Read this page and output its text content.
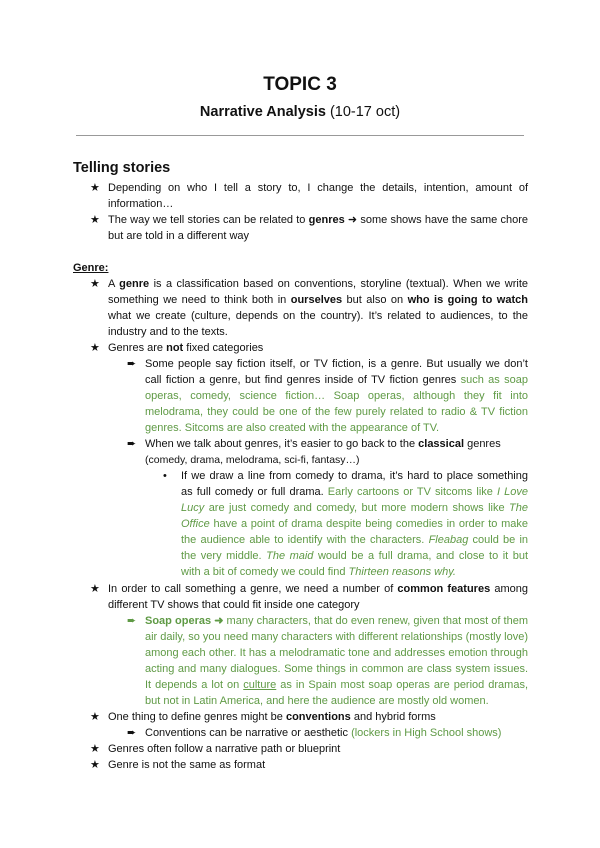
TOPIC 3
Narrative Analysis (10-17 oct)
Telling stories
★ Depending on who I tell a story to, I change the details, intention, amount of information…
★ The way we tell stories can be related to genres ➜ some shows have the same chore but are told in a different way
Genre:
★ A genre is a classification based on conventions, storyline (textual). When we write something we need to think both in ourselves but also on who is going to watch what we create (culture, depends on the country). It’s related to audiences, to the industry and to the texts.
★ Genres are not fixed categories
➨ Some people say fiction itself, or TV fiction, is a genre. But usually we don’t call fiction a genre, but find genres inside of TV fiction genres such as soap operas, comedy, science fiction… Soap operas, although they fit into melodrama, they could be one of the few purely related to radio & TV fiction genres. Sitcoms are also created with the appearance of TV.
➨ When we talk about genres, it’s easier to go back to the classical genres
(comedy, drama, melodrama, sci-fi, fantasy…)
• If we draw a line from comedy to drama, it’s hard to place something as full comedy or full drama. Early cartoons or TV sitcoms like I Love Lucy are just comedy and comedy, but more modern shows like The Office have a point of drama despite being comedies in order to make the audience able to identify with the characters. Fleabag could be in the very middle. The maid would be a full drama, and close to it but with a bit of comedy we could find Thirteen reasons why.
★ In order to call something a genre, we need a number of common features among different TV shows that could fit inside one category
➨ Soap operas ➜ many characters, that do even renew, given that most of them air daily, so you need many characters with different relationships (mostly love) among each other. It has a melodramatic tone and addresses emotion through acting and many dialogues. Some things in common are class system issues. It depends a lot on culture as in Spain most soap operas are period dramas, but not in Latin America, and here the audience are mostly old women.
★ One thing to define genres might be conventions and hybrid forms
➨ Conventions can be narrative or aesthetic (lockers in High School shows)
★ Genres often follow a narrative path or blueprint
★ Genre is not the same as format
